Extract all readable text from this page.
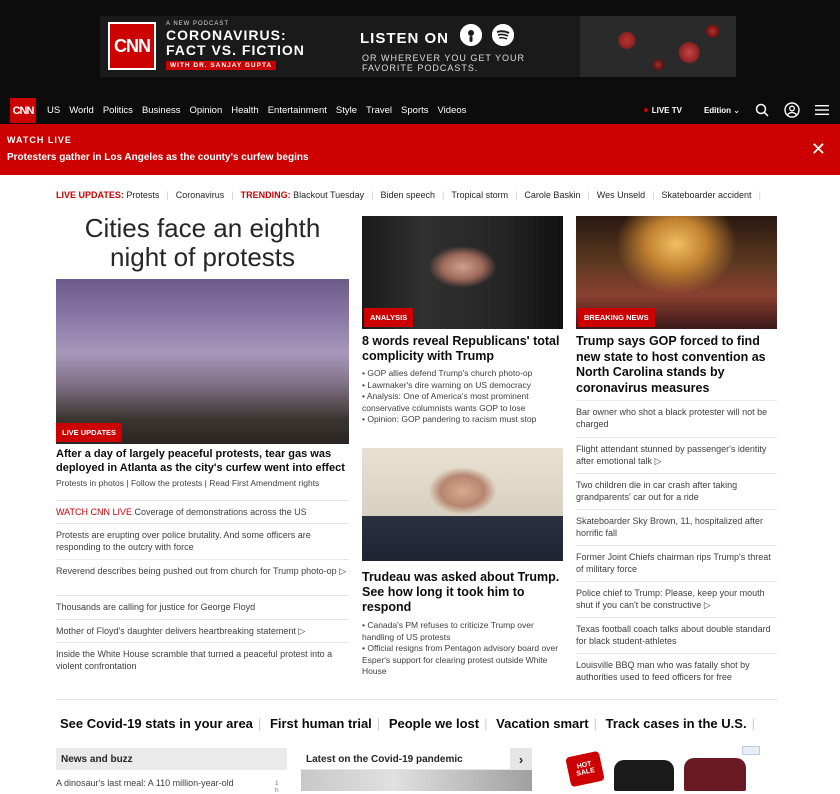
CNN
A NEW PODCAST
CORONAVIRUS: FACT VS. FICTION
WITH DR. SANJAY GUPTA
LISTEN ON
OR WHEREVER YOU GET YOUR FAVORITE PODCASTS.
CNN US World Politics Business Opinion Health Entertainment Style Travel Sports Videos	LIVE TV	Edition ⌄
WATCH LIVE
Protesters gather in Los Angeles as the county's curfew begins	✕
LIVE UPDATES:
Protests | Coronavirus | TRENDING:
Blackout Tuesday | Biden speech | Tropical storm | Carole Baskin | Wes Unseld | Skateboarder accident |
Cities face an eighth night of protests
LIVE UPDATES
After a day of largely peaceful protests, tear gas was deployed in Atlanta as the city's curfew went into effect
Protests in photos | Follow the protests | Read First Amendment rights
WATCH CNN LIVE Coverage of demonstrations across the US
Protests are erupting over police brutality. And some officers are responding to the outcry with force
Reverend describes being pushed out from church for Trump photo-op ▷
Thousands are calling for justice for George Floyd
Mother of Floyd's daughter delivers heartbreaking statement ▷
Inside the White House scramble that turned a peaceful protest into a violent confrontation
ANALYSIS
8 words reveal Republicans' total complicity with Trump
• GOP allies defend Trump's church photo-op
• Lawmaker's dire warning on US democracy
• Analysis: One of America's most prominent conservative columnists wants GOP to lose
• Opinion: GOP pandering to racism must stop
Trudeau was asked about Trump. See how long it took him to respond
• Canada's PM refuses to criticize Trump over handling of US protests
• Official resigns from Pentagon advisory board over Esper's support for clearing protest outside White House
BREAKING NEWS
Trump says GOP forced to find new state to host convention as North Carolina stands by coronavirus measures
Bar owner who shot a black protester will not be charged
Flight attendant stunned by passenger's identity after emotional talk ▷
Two children die in car crash after taking grandparents' car out for a ride
Skateboarder Sky Brown, 11, hospitalized after horrific fall
Former Joint Chiefs chairman rips Trump's threat of military force
Police chief to Trump: Please, keep your mouth shut if you can't be constructive ▷
Texas football coach talks about double standard for black student-athletes
Louisville BBQ man who was fatally shot by authorities used to feed officers for free
See Covid-19 stats in your area | First human trial | People we lost | Vacation smart | Track cases in the U.S. |
News and buzz
A dinosaur's last meal: A 110 million-year-old	1 h
Latest on the Covid-19 pandemic	›	HOT SALE
